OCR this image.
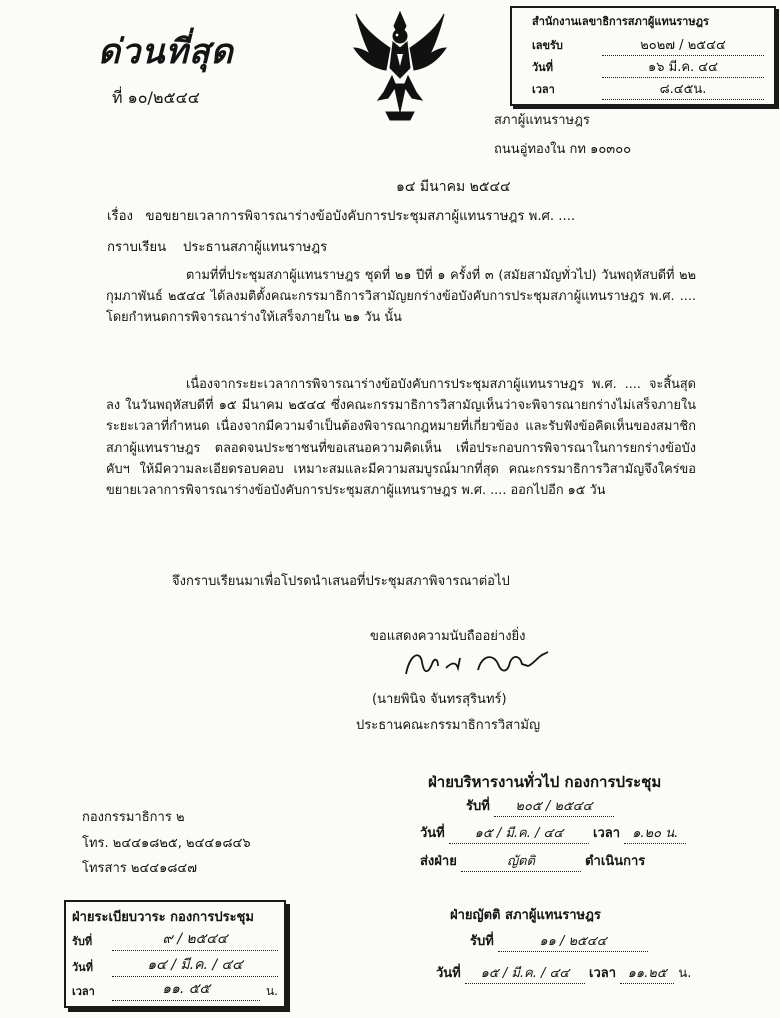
ด่วนที่สุด
ที่ ๑๐/๒๕๔๔
สำนักงานเลขาธิการสภาผู้แทนราษฎร
เลขรับ	๒๐๒๗ / ๒๕๔๔
วันที่	๑๖ มี.ค. ๔๔
เวลา	๘.๔๕น.
สภาผู้แทนราษฎร
ถนนอู่ทองใน กท ๑๐๓๐๐
๑๔ มีนาคม ๒๕๔๔
เรื่อง ขอขยายเวลาการพิจารณาร่างข้อบังคับการประชุมสภาผู้แทนราษฎร พ.ศ. ....
กราบเรียน ประธานสภาผู้แทนราษฎร
ตามที่ที่ประชุมสภาผู้แทนราษฎร ชุดที่ ๒๑ ปีที่ ๑ ครั้งที่ ๓ (สมัยสามัญทั่วไป) วันพฤหัสบดีที่ ๒๒ กุมภาพันธ์ ๒๕๔๔ ได้ลงมติตั้งคณะกรรมาธิการวิสามัญยกร่างข้อบังคับการประชุมสภาผู้แทนราษฎร พ.ศ. .... โดยกำหนดการพิจารณาร่างให้เสร็จภายใน ๒๑ วัน นั้น
เนื่องจากระยะเวลาการพิจารณาร่างข้อบังคับการประชุมสภาผู้แทนราษฎร พ.ศ. .... จะสิ้นสุดลง ในวันพฤหัสบดีที่ ๑๕ มีนาคม ๒๕๔๔ ซึ่งคณะกรรมาธิการวิสามัญเห็นว่าจะพิจารณายกร่างไม่เสร็จภายในระยะเวลาที่กำหนด เนื่องจากมีความจำเป็นต้องพิจารณากฎหมายที่เกี่ยวข้อง และรับฟังข้อคิดเห็นของสมาชิกสภาผู้แทนราษฎร ตลอดจนประชาชนที่ขอเสนอความคิดเห็น เพื่อประกอบการพิจารณาในการยกร่างข้อบังคับฯ ให้มีความละเอียดรอบคอบ เหมาะสมและมีความสมบูรณ์มากที่สุด คณะกรรมาธิการวิสามัญจึงใคร่ขอขยายเวลาการพิจารณาร่างข้อบังคับการประชุมสภาผู้แทนราษฎร พ.ศ. .... ออกไปอีก ๑๕ วัน
จึงกราบเรียนมาเพื่อโปรดนำเสนอที่ประชุมสภาพิจารณาต่อไป
ขอแสดงความนับถืออย่างยิ่ง
(นายพินิจ จันทรสุรินทร์)
ประธานคณะกรรมาธิการวิสามัญ
กองกรรมาธิการ ๒
โทร. ๒๔๔๑๘๒๕, ๒๔๔๑๘๔๖
โทรสาร ๒๔๔๑๘๔๗
ฝ่ายบริหารงานทั่วไป กองการประชุม
รับที่ ๒๐๕ / ๒๕๔๔
วันที่ ๑๕ / มี.ค. / ๔๔ เวลา ๑.๒๐ น.
ส่งฝ่าย	ญัตติ	ดำเนินการ
ฝ่ายระเบียบวาระ กองการประชุม
รับที่	๙ / ๒๕๔๔
วันที่	๑๔ / มี.ค. / ๔๔
เวลา	๑๑. ๕๕	น.
ฝ่ายญัตติ สภาผู้แทนราษฎร
รับที่	๑๑ / ๒๕๔๔
วันที่ ๑๕ / มี.ค. / ๔๔ เวลา ๑๑.๒๕ น.
